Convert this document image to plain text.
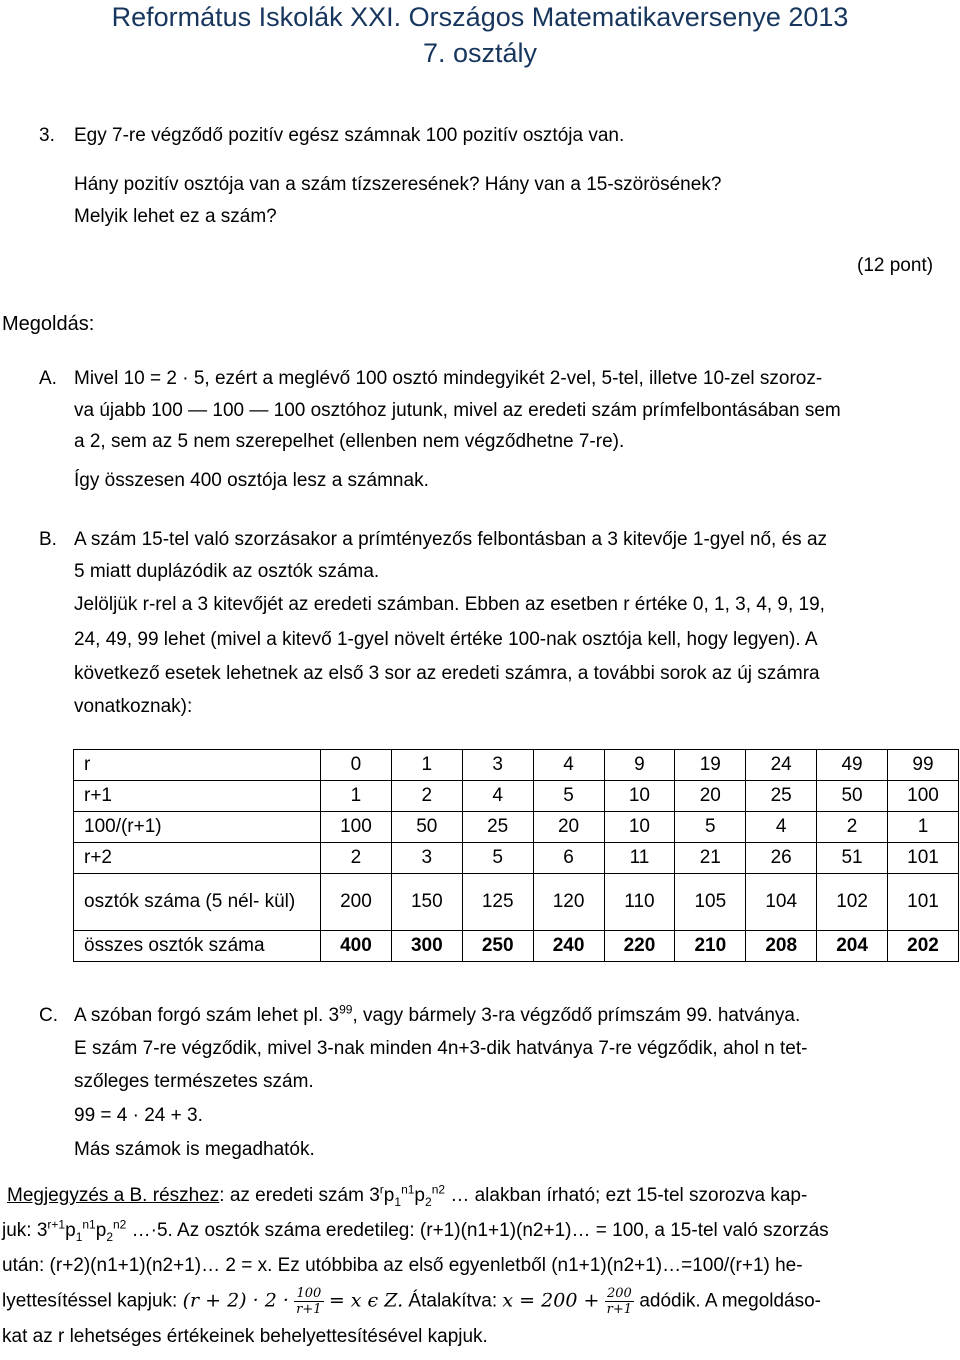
Református Iskolák XXI. Országos Matematikaversenye 2013
7. osztály
3. Egy 7-re végződő pozitív egész számnak 100 pozitív osztója van.
Hány pozitív osztója van a szám tízszeresének? Hány van a 15-szörösének?
Melyik lehet ez a szám?
(12 pont)
Megoldás:
A. Mivel 10 = 2 · 5, ezért a meglévő 100 osztó mindegyikét 2-vel, 5-tel, illetve 10-zel szoroz-
va újabb 100 — 100 — 100 osztóhoz jutunk, mivel az eredeti szám prímfelbontásában sem
a 2, sem az 5 nem szerepelhet (ellenben nem végződhetne 7-re).
Így összesen 400 osztója lesz a számnak.
B. A szám 15-tel való szorzásakor a prímtényezős felbontásban a 3 kitevője 1-gyel nő, és az
5 miatt duplázódik az osztók száma.
Jelöljük r-rel a 3 kitevőjét az eredeti számban. Ebben az esetben r értéke 0, 1, 3, 4, 9, 19,
24, 49, 99 lehet (mivel a kitevő 1-gyel növelt értéke 100-nak osztója kell, hogy legyen). A
következő esetek lehetnek az első 3 sor az eredeti számra, a további sorok az új számra
vonatkoznak):
r	0	1	3	4	9	19	24	49	99
r+1	1	2	4	5	10	20	25	50	100
100/(r+1)	100	50	25	20	10	5	4	2	1
r+2	2	3	5	6	11	21	26	51	101
osztók száma (5 nél- kül)	200	150	125	120	110	105	104	102	101
összes osztók száma	400	300	250	240	220	210	208	204	202
C. A szóban forgó szám lehet pl. $3^{99}$, vagy bármely 3-ra végződő prímszám 99. hatványa.
E szám 7-re végződik, mivel 3-nak minden 4n+3-dik hatványa 7-re végződik, ahol n tet-
szőleges természetes szám.
99 = 4 · 24 + 3.
Más számok is megadhatók.
Megjegyzés a B. részhez: az eredeti szám $3^rp_1^{n1}p_2^{n2}$ … alakban írható; ezt 15-tel szorozva kap-
juk: $3^{r+1}p_1^{n1}p_2^{n2}$ …·5. Az osztók száma eredetileg: (r+1)(n1+1)(n2+1)… = 100, a 15-tel való szorzás
után: (r+2)(n1+1)(n2+1)… 2 = x. Ez utóbbiba az első egyenletből (n1+1)(n2+1)…=100/(r+1) he-
lyettesítéssel kapjuk: $(r + 2) \cdot 2 \cdot \frac{100}{r+1} = x$ ϵ Z. Átalakítva: $x = 200 + \frac{200}{r+1}$ adódik. A megoldáso-
kat az r lehetséges értékeinek behelyettesítésével kapjuk.
